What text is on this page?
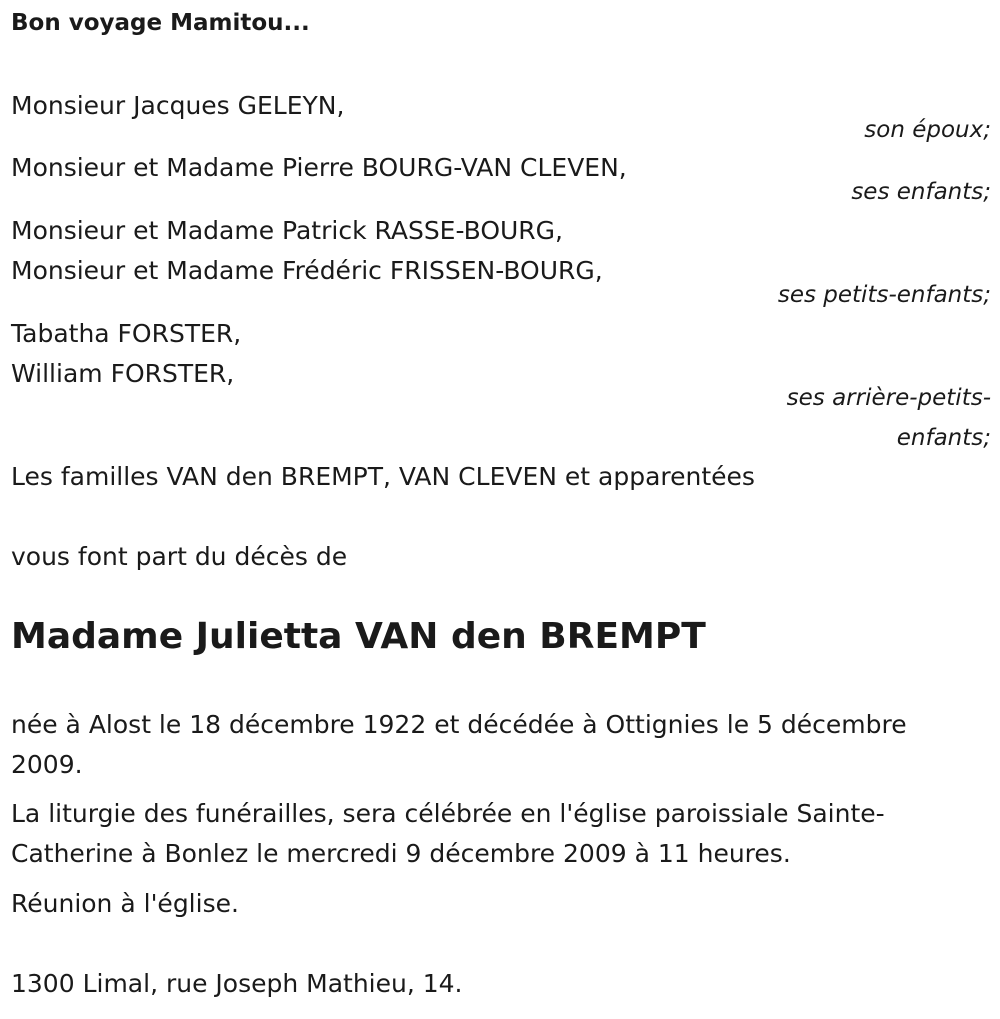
Bon voyage Mamitou...

Monsieur Jacques GELEYN,

son époux;

Monsieur et Madame Pierre BOURG-VAN CLEVEN,

ses enfants;

Monsieur et Madame Patrick RASSE-BOURG,

Monsieur et Madame Frédéric FRISSEN-BOURG,

ses petits-enfants;

Tabatha FORSTER,

William FORSTER,

ses arrière-petits-

enfants;

Les familles VAN den BREMPT, VAN CLEVEN et apparentées

vous font part du décès de

Madame Julietta VAN den BREMPT

née à Alost le 18 décembre 1922 et décédée à Ottignies le 5 décembre

2009.

La liturgie des funérailles, sera célébrée en l'église paroissiale Sainte-

Catherine à Bonlez le mercredi 9 décembre 2009 à 11 heures.

Réunion à l'église.

1300 Limal, rue Joseph Mathieu, 14.
